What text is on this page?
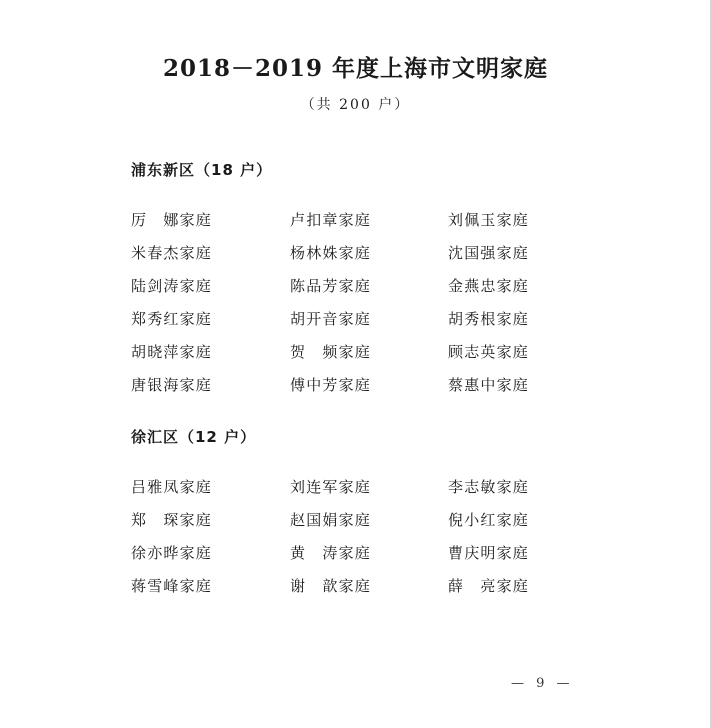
2018－2019 年度上海市文明家庭
（共 200 户）
浦东新区（18 户）
厉　娜家庭	卢扣章家庭	刘佩玉家庭
米春杰家庭	杨林姝家庭	沈国强家庭
陆剑涛家庭	陈品芳家庭	金燕忠家庭
郑秀红家庭	胡开音家庭	胡秀根家庭
胡晓萍家庭	贺　频家庭	顾志英家庭
唐银海家庭	傅中芳家庭	蔡惠中家庭
徐汇区（12 户）
吕雅凤家庭	刘连军家庭	李志敏家庭
郑　琛家庭	赵国娟家庭	倪小红家庭
徐亦晔家庭	黄　涛家庭	曹庆明家庭
蒋雪峰家庭	谢　歆家庭	薛　亮家庭
— 9 —
